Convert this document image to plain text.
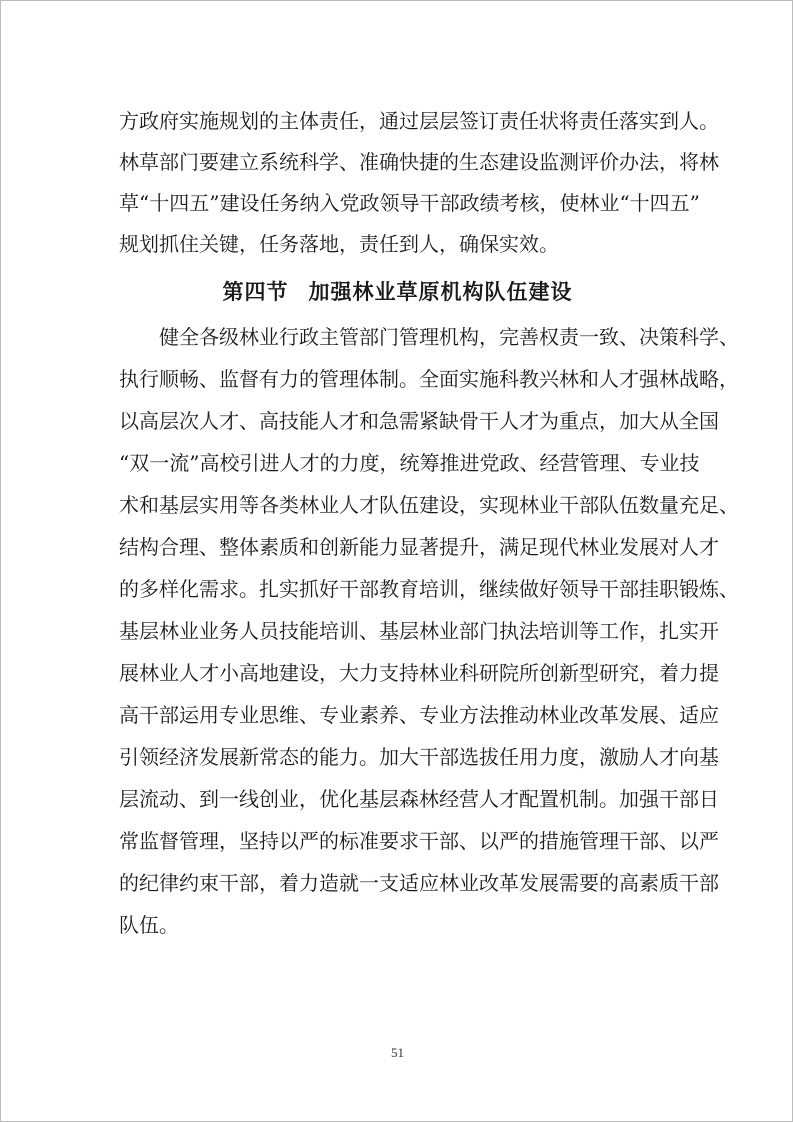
方政府实施规划的主体责任，通过层层签订责任状将责任落实到人。
林草部门要建立系统科学、准确快捷的生态建设监测评价办法，将林
草“十四五”建设任务纳入党政领导干部政绩考核，使林业“十四五”
规划抓住关键，任务落地，责任到人，确保实效。
第四节 加强林业草原机构队伍建设
健全各级林业行政主管部门管理机构，完善权责一致、决策科学、
执行顺畅、监督有力的管理体制。全面实施科教兴林和人才强林战略，
以高层次人才、高技能人才和急需紧缺骨干人才为重点，加大从全国
“双一流”高校引进人才的力度，统筹推进党政、经营管理、专业技
术和基层实用等各类林业人才队伍建设，实现林业干部队伍数量充足、
结构合理、整体素质和创新能力显著提升，满足现代林业发展对人才
的多样化需求。扎实抓好干部教育培训，继续做好领导干部挂职锻炼、
基层林业业务人员技能培训、基层林业部门执法培训等工作，扎实开
展林业人才小高地建设，大力支持林业科研院所创新型研究，着力提
高干部运用专业思维、专业素养、专业方法推动林业改革发展、适应
引领经济发展新常态的能力。加大干部选拔任用力度，激励人才向基
层流动、到一线创业，优化基层森林经营人才配置机制。加强干部日
常监督管理，坚持以严的标准要求干部、以严的措施管理干部、以严
的纪律约束干部，着力造就一支适应林业改革发展需要的高素质干部
队伍。
51
